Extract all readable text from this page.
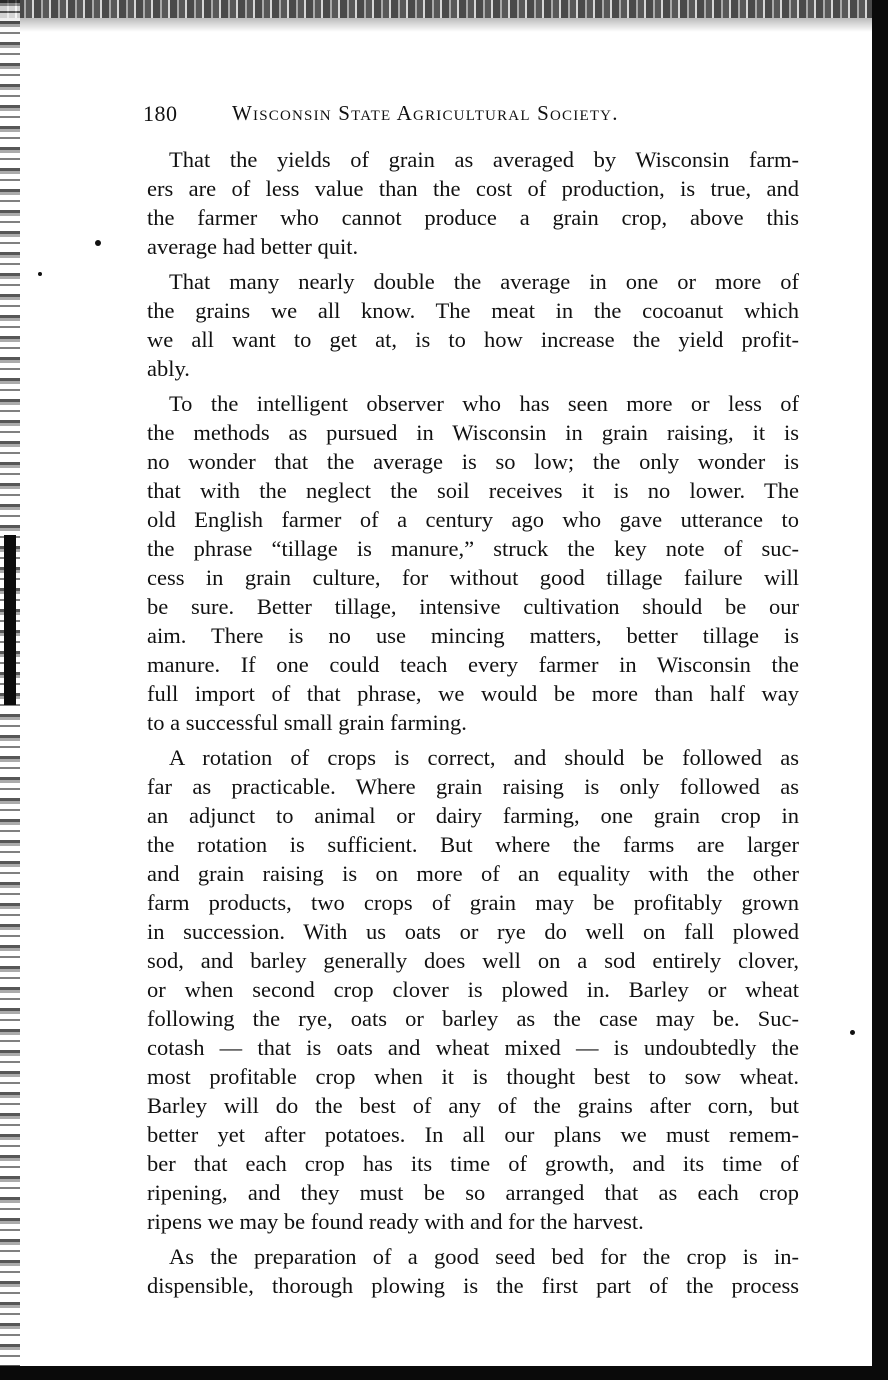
180	Wisconsin State Agricultural Society.
That the yields of grain as averaged by Wisconsin farm-
ers are of less value than the cost of production, is true, and
the farmer who cannot produce a grain crop, above this
average had better quit.
That many nearly double the average in one or more of
the grains we all know. The meat in the cocoanut which
we all want to get at, is to how increase the yield profit-
ably.
To the intelligent observer who has seen more or less of
the methods as pursued in Wisconsin in grain raising, it is
no wonder that the average is so low; the only wonder is
that with the neglect the soil receives it is no lower. The
old English farmer of a century ago who gave utterance to
the phrase “tillage is manure,” struck the key note of suc-
cess in grain culture, for without good tillage failure will
be sure. Better tillage, intensive cultivation should be our
aim. There is no use mincing matters, better tillage is
manure. If one could teach every farmer in Wisconsin the
full import of that phrase, we would be more than half way
to a successful small grain farming.
A rotation of crops is correct, and should be followed as
far as practicable. Where grain raising is only followed as
an adjunct to animal or dairy farming, one grain crop in
the rotation is sufficient. But where the farms are larger
and grain raising is on more of an equality with the other
farm products, two crops of grain may be profitably grown
in succession. With us oats or rye do well on fall plowed
sod, and barley generally does well on a sod entirely clover,
or when second crop clover is plowed in. Barley or wheat
following the rye, oats or barley as the case may be. Suc-
cotash — that is oats and wheat mixed — is undoubtedly the
most profitable crop when it is thought best to sow wheat.
Barley will do the best of any of the grains after corn, but
better yet after potatoes. In all our plans we must remem-
ber that each crop has its time of growth, and its time of
ripening, and they must be so arranged that as each crop
ripens we may be found ready with and for the harvest.
As the preparation of a good seed bed for the crop is in-
dispensible, thorough plowing is the first part of the process
